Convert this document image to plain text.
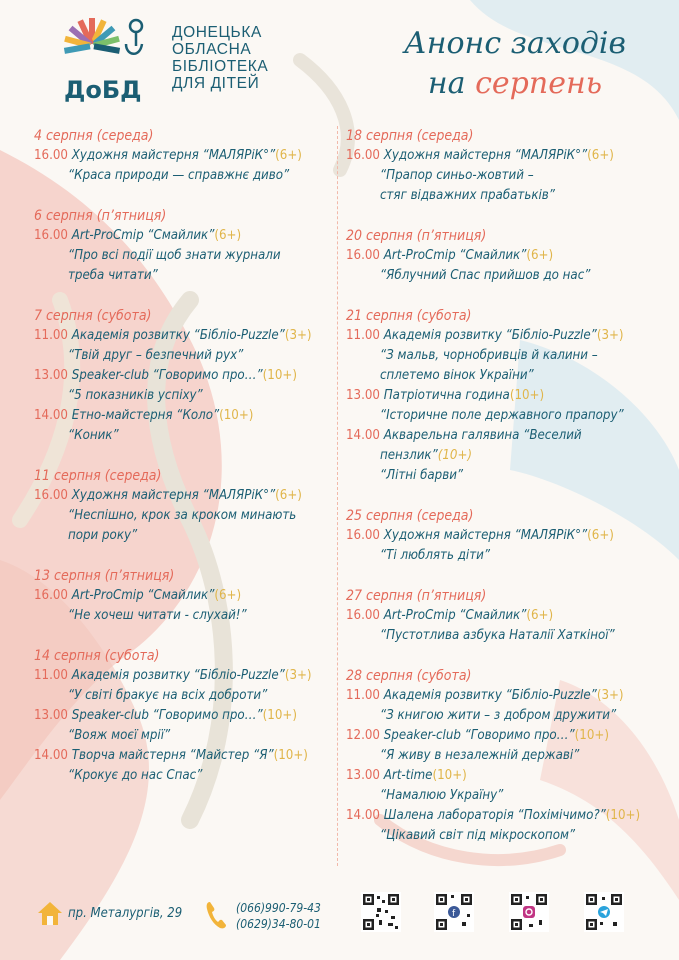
ДоБД
ДОНЕЦЬКА
ОБЛАСНА
БІБЛІОТЕКА
ДЛЯ ДІТЕЙ
Анонс заходів
на серпень
4 серпня (середа)
16.00 Художня майстерня “МАЛЯРіК°”(6+)
“Краса природи — справжнє диво”
6 серпня (п’ятниця)
16.00 Art-ProCmip “Смайлик”(6+)
“Про всі події щоб знати журнали
треба читати”
7 серпня (субота)
11.00 Академія розвитку “Бібліо-Puzzle”(3+)
“Твій друг – безпечний рух”
13.00 Speaker-club “Говоримо про…”(10+)
“5 показників успіху”
14.00 Етно-майстерня “Коло”(10+)
“Коник”
11 серпня (середа)
16.00 Художня майстерня “МАЛЯРіК°”(6+)
“Неспішно, крок за кроком минають
пори року”
13 серпня (п’ятниця)
16.00 Art-ProCmip “Смайлик”(6+)
“Не хочеш читати - слухай!”
14 серпня (субота)
11.00 Академія розвитку “Бібліо-Puzzle”(3+)
“У світі бракує на всіх доброти”
13.00 Speaker-club “Говоримо про…”(10+)
“Вояж моєї мрії”
14.00 Творча майстерня “Майстер “Я”(10+)
“Крокує до нас Спас”
18 серпня (середа)
16.00 Художня майстерня “МАЛЯРіК°”(6+)
“Прапор синьо-жовтий –
стяг відважних прабатьків”
20 серпня (п’ятниця)
16.00 Art-ProCmip “Смайлик”(6+)
“Яблучний Спас прийшов до нас”
21 серпня (субота)
11.00 Академія розвитку “Бібліо-Puzzle”(3+)
“З мальв, чорнобривців й калини –
сплетемо вінок України”
13.00 Патріотична година(10+)
“Історичне поле державного прапору”
14.00 Акварельна галявина “Веселий
пензлик”(10+)
“Літні барви”
25 серпня (середа)
16.00 Художня майстерня “МАЛЯРіК°”(6+)
“Ті люблять діти”
27 серпня (п’ятниця)
16.00 Art-ProCmip “Смайлик”(6+)
“Пустотлива азбука Наталії Хаткіної”
28 серпня (субота)
11.00 Академія розвитку “Бібліо-Puzzle”(3+)
“З книгою жити – з добром дружити”
12.00 Speaker-club “Говоримо про…”(10+)
“Я живу в незалежній державі”
13.00 Art-time(10+)
“Намалюю Україну”
14.00 Шалена лабораторія “Похімічимо?”(10+)
“Цікавий світ під мікроскопом”
пр. Металургів, 29	(066)990-79-43
(0629)34-80-01
f
